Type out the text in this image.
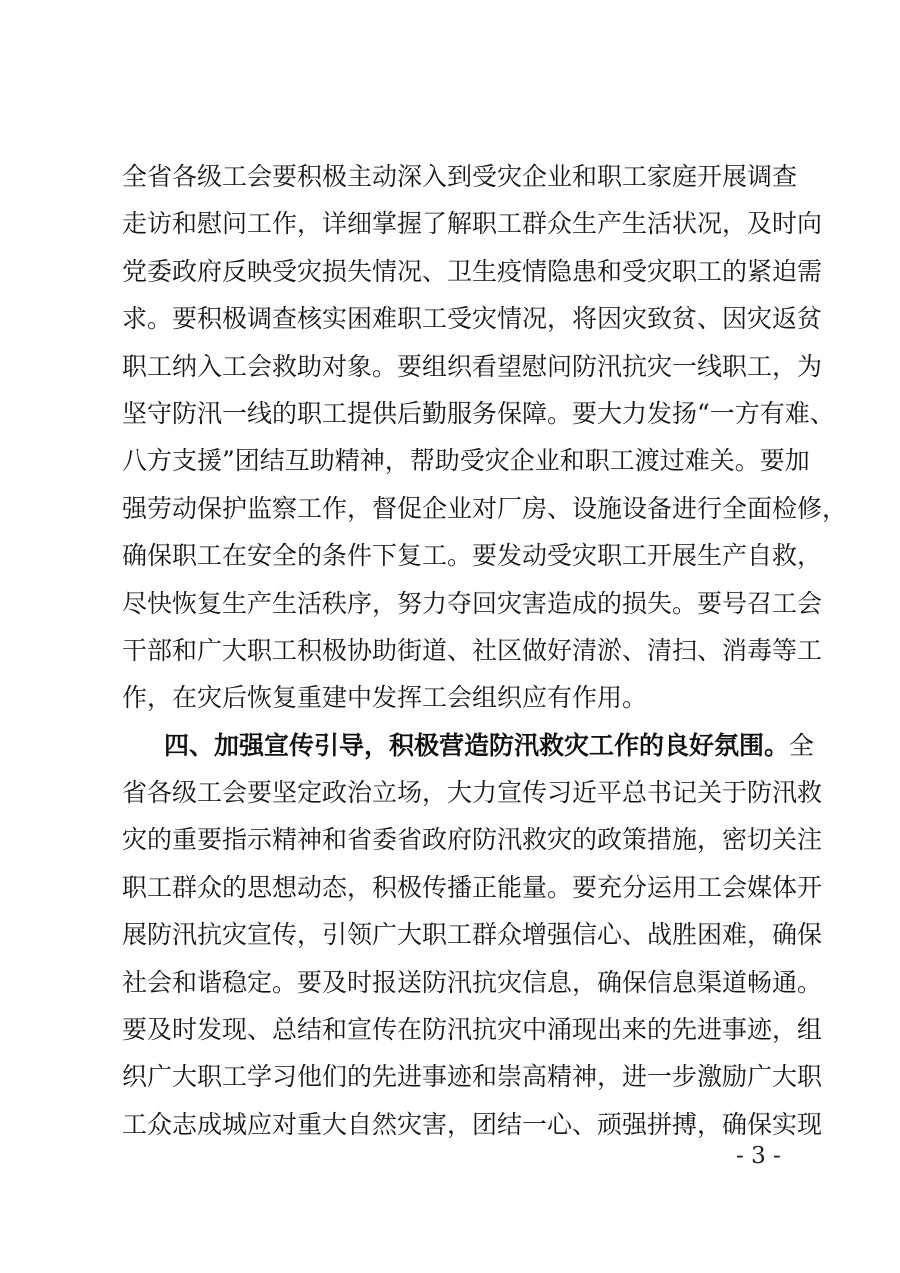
全省各级工会要积极主动深入到受灾企业和职工家庭开展调查
走访和慰问工作，详细掌握了解职工群众生产生活状况，及时向
党委政府反映受灾损失情况、卫生疫情隐患和受灾职工的紧迫需
求。要积极调查核实困难职工受灾情况，将因灾致贫、因灾返贫
职工纳入工会救助对象。要组织看望慰问防汛抗灾一线职工，为
坚守防汛一线的职工提供后勤服务保障。要大力发扬“一方有难、
八方支援”团结互助精神，帮助受灾企业和职工渡过难关。要加
强劳动保护监察工作，督促企业对厂房、设施设备进行全面检修，
确保职工在安全的条件下复工。要发动受灾职工开展生产自救，
尽快恢复生产生活秩序，努力夺回灾害造成的损失。要号召工会
干部和广大职工积极协助街道、社区做好清淤、清扫、消毒等工
作，在灾后恢复重建中发挥工会组织应有作用。
四、加强宣传引导，积极营造防汛救灾工作的良好氛围。全
省各级工会要坚定政治立场，大力宣传习近平总书记关于防汛救
灾的重要指示精神和省委省政府防汛救灾的政策措施，密切关注
职工群众的思想动态，积极传播正能量。要充分运用工会媒体开
展防汛抗灾宣传，引领广大职工群众增强信心、战胜困难，确保
社会和谐稳定。要及时报送防汛抗灾信息，确保信息渠道畅通。
要及时发现、总结和宣传在防汛抗灾中涌现出来的先进事迹，组
织广大职工学习他们的先进事迹和崇高精神，进一步激励广大职
工众志成城应对重大自然灾害，团结一心、顽强拼搏，确保实现
- 3 -
